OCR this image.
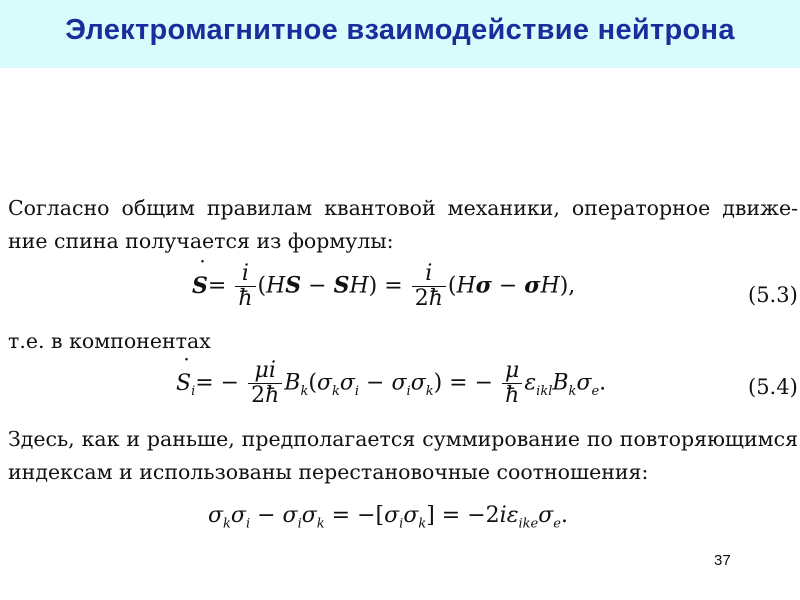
Электромагнитное взаимодействие нейтрона
Согласно общим правилам квантовой механики, операторное движе-ние спина получается из формулы:
˙ $S= \frac{i}{ħ} (HS - SH) = \frac{i}{2ħ} (H\sigma - \sigma H)$,	(5.3)
т.е. в компонентах
˙ $S_i= - \frac{\mu i}{2ħ} B_k(\sigma_k\sigma_i - \sigma_i\sigma_k)$ = − $\frac{\mu}{ħ} \varepsilon_{ikl}B_k\sigma_e$.	(5.4)
Здесь, как и раньше, предполагается суммирование по повторяющимся индексам и использованы перестановочные соотношения:
$\sigma_k\sigma_i - \sigma_i\sigma_k = -[\sigma_i\sigma_k] = -2i\varepsilon_{ike}\sigma_e$.
37
